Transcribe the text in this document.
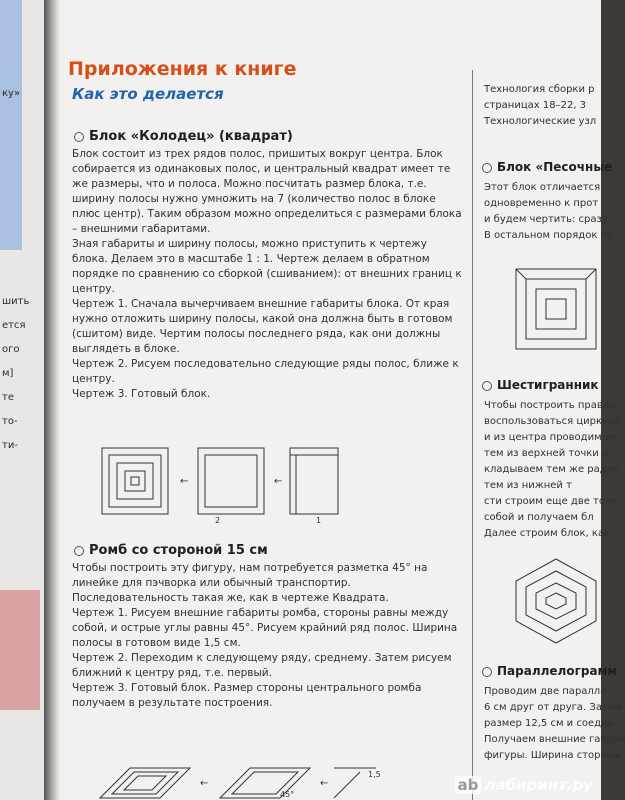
ку»
шить
ется
ого
м]
те
то-
ти-
Приложения к книге
Как это делается
Блок «Колодец» (квадрат)

Блок состоит из трех рядов полос, пришитых вокруг центра. Блок собирается из одинаковых полос, и центральный квадрат имеет те же размеры, что и полоса. Можно посчитать размер блока, т.е. ширину полосы нужно умножить на 7 (количество полос в блоке плюс центр). Таким образом можно определиться с размерами блока – внешними габаритами.

Зная габариты и ширину полосы, можно приступить к чертежу блока. Делаем это в масштабе 1 : 1. Чертеж делаем в обратном порядке по сравнению со сборкой (сшиванием): от внешних границ к центру.

Чертеж 1. Сначала вычерчиваем внешние габариты блока. От края нужно отложить ширину полосы, какой она должна быть в готовом (сшитом) виде. Чертим полосы последнего ряда, как они должны выглядеть в блоке.

Чертеж 2. Рисуем последовательно следующие ряды полос, ближе к центру.

Чертеж 3. Готовый блок.

←	←
2	1
Ромб со стороной 15 см

Чтобы построить эту фигуру, нам потребуется разметка 45° на линейке для пэчворка или обычный транспортир. Последовательность такая же, как в чертеже Квадрата.

Чертеж 1. Рисуем внешние габариты ромба, стороны равны между собой, и острые углы равны 45°. Рисуем крайний ряд полос. Ширина полосы в готовом виде 1,5 см.

Чертеж 2. Переходим к следующему ряду, среднему. Затем рисуем ближний к центру ряд, т.е. первый.

Чертеж 3. Готовый блок. Размер стороны центрального ромба получаем в результате построения.

←	←
1,5
45°
Технология сборки р
страницах 18–22, 3
Технологические узл
Блок «Песочные
Этот блок отличается
одновременно к прот
и будем чертить: сразу
В остальном порядок по
Шестигранник
Чтобы построить правил
воспользоваться циркуле
и из центра проводим ок
тем из верхней точки р
кладываем тем же радиу
тем из нижней т
сти строим еще две точк
собой и получаем бл
Далее строим блок, как
Параллелограмм
Проводим две паралле
6 см друг от друга. Затем
размер 12,5 см и соедин
Получаем внешние габари
фигуры. Ширина стороны
ab лабиринт.ру
